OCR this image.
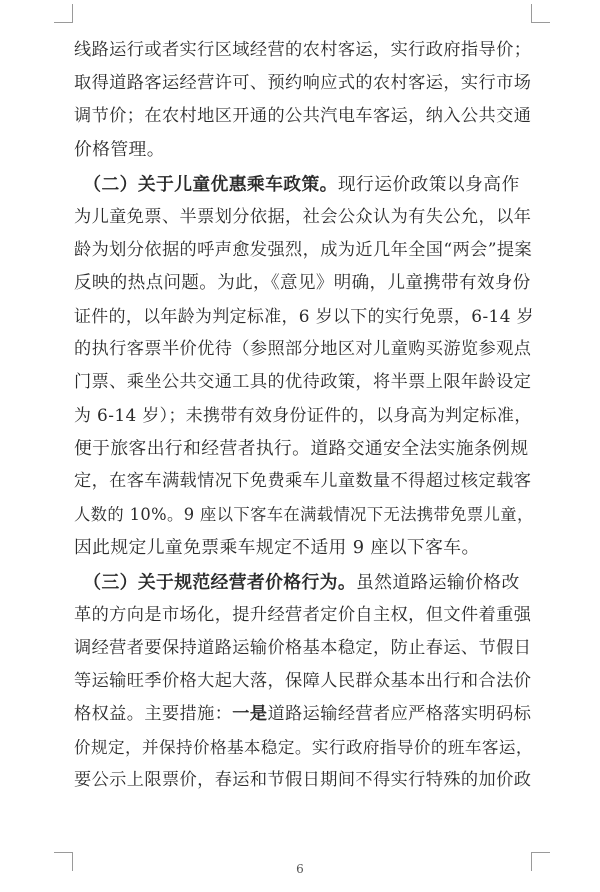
线路运行或者实行区域经营的农村客运，实行政府指导价；
取得道路客运经营许可、预约响应式的农村客运，实行市场
调节价；在农村地区开通的公共汽电车客运，纳入公共交通
价格管理。
　（二）关于儿童优惠乘车政策。现行运价政策以身高作
为儿童免票、半票划分依据，社会公众认为有失公允，以年
龄为划分依据的呼声愈发强烈，成为近几年全国“两会”提案
反映的热点问题。为此，《意见》明确，儿童携带有效身份
证件的，以年龄为判定标准，6 岁以下的实行免票，6-14 岁
的执行客票半价优待（参照部分地区对儿童购买游览参观点
门票、乘坐公共交通工具的优待政策，将半票上限年龄设定
为 6-14 岁）；未携带有效身份证件的，以身高为判定标准，
便于旅客出行和经营者执行。道路交通安全法实施条例规
定，在客车满载情况下免费乘车儿童数量不得超过核定载客
人数的 10%。9 座以下客车在满载情况下无法携带免票儿童，
因此规定儿童免票乘车规定不适用 9 座以下客车。
　（三）关于规范经营者价格行为。虽然道路运输价格改
革的方向是市场化，提升经营者定价自主权，但文件着重强
调经营者要保持道路运输价格基本稳定，防止春运、节假日
等运输旺季价格大起大落，保障人民群众基本出行和合法价
格权益。主要措施：一是道路运输经营者应严格落实明码标
价规定，并保持价格基本稳定。实行政府指导价的班车客运，
要公示上限票价，春运和节假日期间不得实行特殊的加价政
6
